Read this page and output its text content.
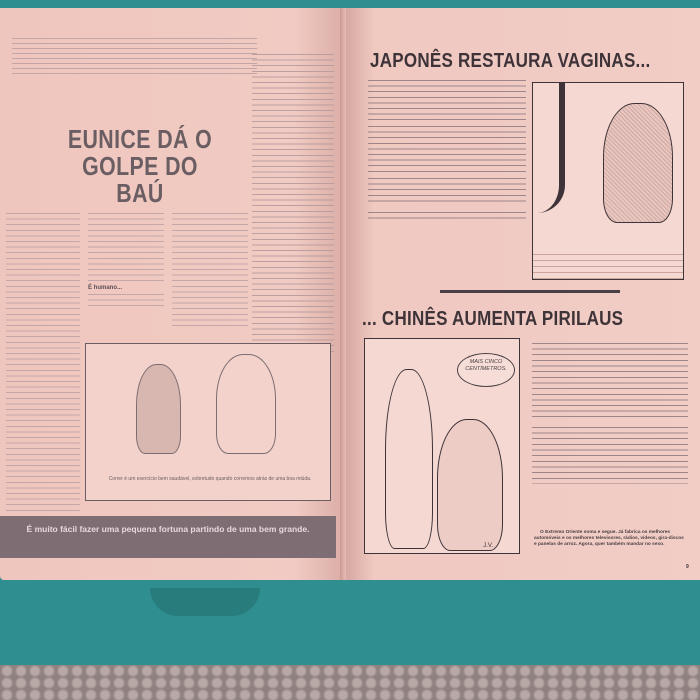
EUNICE DÁ O GOLPE DO BAÚ
É humano...
Correr é um exercício bem saudável, sobretudo quando corremos atrás de uma boa miúda.
É muito fácil fazer uma pequena fortuna partindo de uma bem grande.
JAPONÊS RESTAURA VAGINAS...
... CHINÊS AUMENTA PIRILAUS
MAIS CINCO CENTÍMETROS.
J.V.
O Extremo Oriente soma e segue. Já fabrica os melhores automóveis e os melhores televisores, rádios, vídeos, gira-discos e panelas de arroz. Agora, quer também mandar no sexo.
9
